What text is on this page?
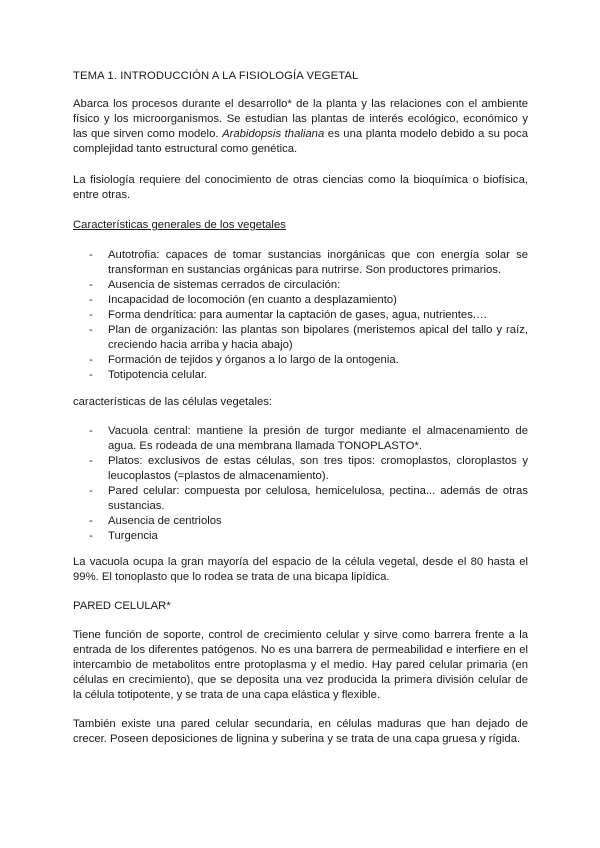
TEMA 1. INTRODUCCIÓN A LA FISIOLOGÍA VEGETAL

Abarca los procesos durante el desarrollo* de la planta y las relaciones con el ambiente físico y los microorganismos. Se estudian las plantas de interés ecológico, económico y las que sirven como modelo. Arabidopsis thaliana es una planta modelo debido a su poca complejidad tanto estructural como genética.

La fisiología requiere del conocimiento de otras ciencias como la bioquímica o biofísica, entre otras.

Características generales de los vegetales

- Autotrofia: capaces de tomar sustancias inorgánicas que con energía solar se transforman en sustancias orgánicas para nutrirse. Son productores primarios.
- Ausencia de sistemas cerrados de circulación:
- Incapacidad de locomoción (en cuanto a desplazamiento)
- Forma dendrítica: para aumentar la captación de gases, agua, nutrientes.…
- Plan de organización: las plantas son bipolares (meristemos apical del tallo y raíz, creciendo hacia arriba y hacia abajo)
- Formación de tejidos y órganos a lo largo de la ontogenia.
- Totipotencia celular.

características de las células vegetales:

- Vacuola central: mantiene la presión de turgor mediante el almacenamiento de agua. Es rodeada de una membrana llamada TONOPLASTO*.
- Platos: exclusivos de estas células, son tres tipos: cromoplastos, cloroplastos y leucoplastos (=plastos de almacenamiento).
- Pared celular: compuesta por celulosa, hemicelulosa, pectina... además de otras sustancias.
- Ausencia de centriolos
- Turgencia

La vacuola ocupa la gran mayoría del espacio de la célula vegetal, desde el 80 hasta el 99%. El tonoplasto que lo rodea se trata de una bicapa lipídica.

PARED CELULAR*

Tiene función de soporte, control de crecimiento celular y sirve como barrera frente a la entrada de los diferentes patógenos. No es una barrera de permeabilidad e interfiere en el intercambio de metabolitos entre protoplasma y el medio. Hay pared celular primaria (en células en crecimiento), que se deposita una vez producida la primera división celular de la célula totipotente, y se trata de una capa elástica y flexible.

También existe una pared celular secundaria, en células maduras que han dejado de crecer. Poseen deposiciones de lignina y suberina y se trata de una capa gruesa y rígida.
